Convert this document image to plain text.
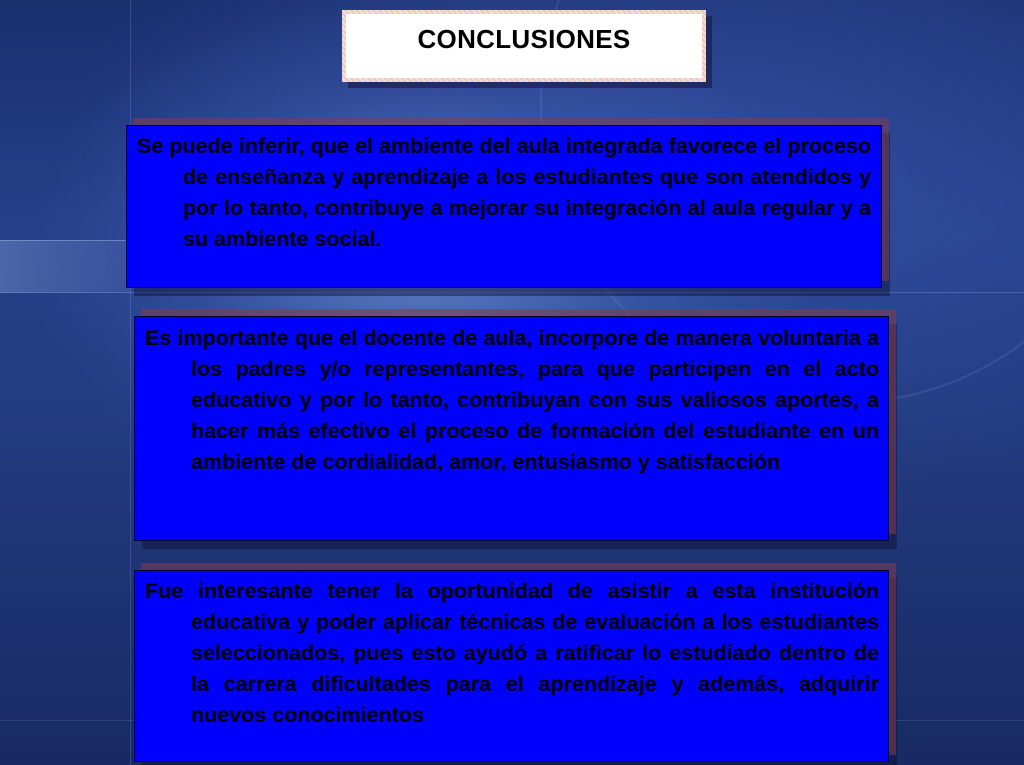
CONCLUSIONES

Se puede inferir, que el ambiente del aula integrada favorece el proceso de enseñanza y aprendizaje a los estudiantes que son atendidos y por lo tanto, contribuye a mejorar su integración al aula regular y a su ambiente social.

Es importante que el docente de aula, incorpore de manera voluntaria a los padres y/o representantes, para que participen en el acto educativo y por lo tanto, contribuyan con sus valiosos aportes, a hacer más efectivo el proceso de formación del estudiante en un ambiente de cordialidad, amor, entusiasmo y satisfacción

Fue interesante tener la oportunidad de asistir a esta institución educativa y poder aplicar técnicas de evaluación a los estudiantes seleccionados, pues esto ayudó a ratificar lo estudiado dentro de la carrera dificultades para el aprendizaje y además, adquirir nuevos conocimientos
